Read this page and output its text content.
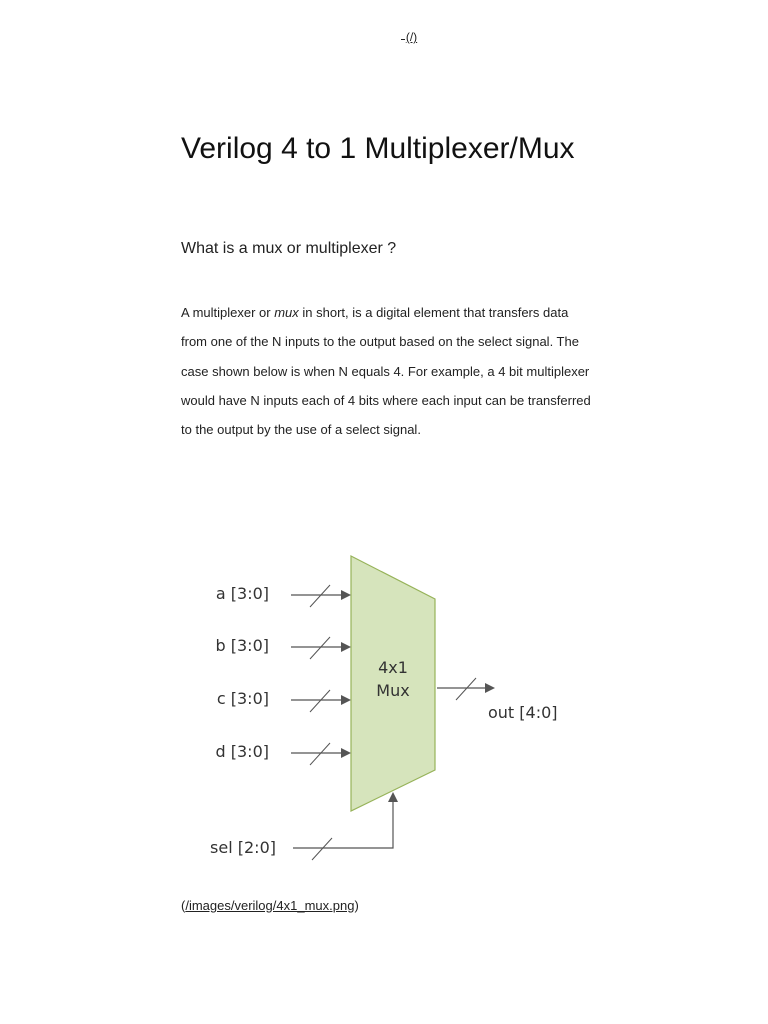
(/)
Verilog 4 to 1 Multiplexer/Mux
What is a mux or multiplexer ?

A multiplexer or mux in short, is a digital element that transfers data from one of the N inputs to the output based on the select signal. The case shown below is when N equals 4. For example, a 4 bit multiplexer would have N inputs each of 4 bits where each input can be transferred to the output by the use of a select signal.

4x1
Mux
a [3:0]
b [3:0]
c [3:0]
d [3:0]
out [4:0]
sel [2:0]
(/images/verilog/4x1_mux.png)
